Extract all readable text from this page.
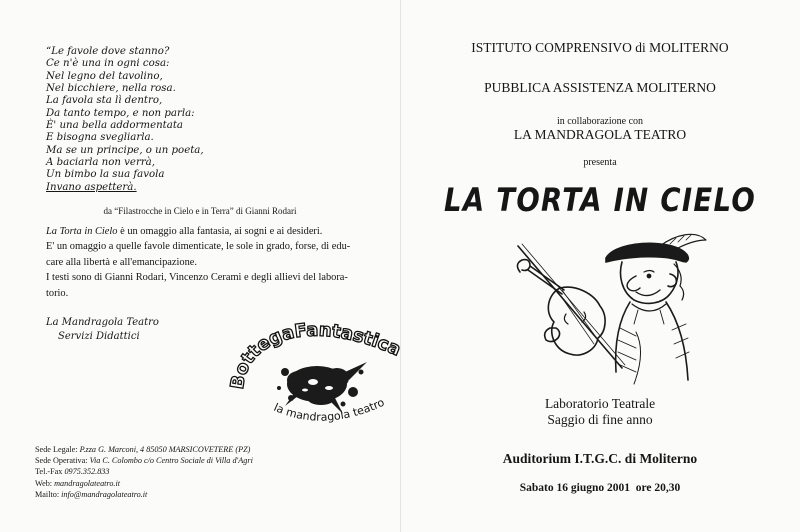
“Le favole dove stanno?
Ce n'è una in ogni cosa:
Nel legno del tavolino,
Nel bicchiere, nella rosa.
La favola sta lì dentro,
Da tanto tempo, e non parla:
È' una bella addormentata
E bisogna svegliarla.
Ma se un principe, o un poeta,
A baciarla non verrà,
Un bimbo la sua favola
Invano aspetterà.
da “Filastrocche in Cielo e in Terra” di Gianni Rodari

La Torta in Cielo è un omaggio alla fantasia, ai sogni e ai desideri.

E' un omaggio a quelle favole dimenticate, le sole in grado, forse, di edu-

care alla libertà e all'emancipazione.

I testi sono di Gianni Rodari, Vincenzo Cerami e degli allievi del labora-

torio.

La Mandragola Teatro
Servizi Didattici
BottegaFantastica
la mandragola teatro
Sede Legale: P.zza G. Marconi, 4 85050 MARSICOVETERE (PZ)
Sede Operativa: Via C. Colombo c/o Centro Sociale di Villa d'Agri
Tel.-Fax 0975.352.833
Web: mandragolateatro.it
Mailto: info@mandragolateatro.it
ISTITUTO COMPRENSIVO di MOLITERNO
PUBBLICA ASSISTENZA MOLITERNO
in collaborazione con
LA MANDRAGOLA TEATRO
presenta
LA TORTA IN CIELO
Laboratorio Teatrale
Saggio di fine anno
Auditorium I.T.G.C. di Moliterno
Sabato 16 giugno 2001  ore 20,30
